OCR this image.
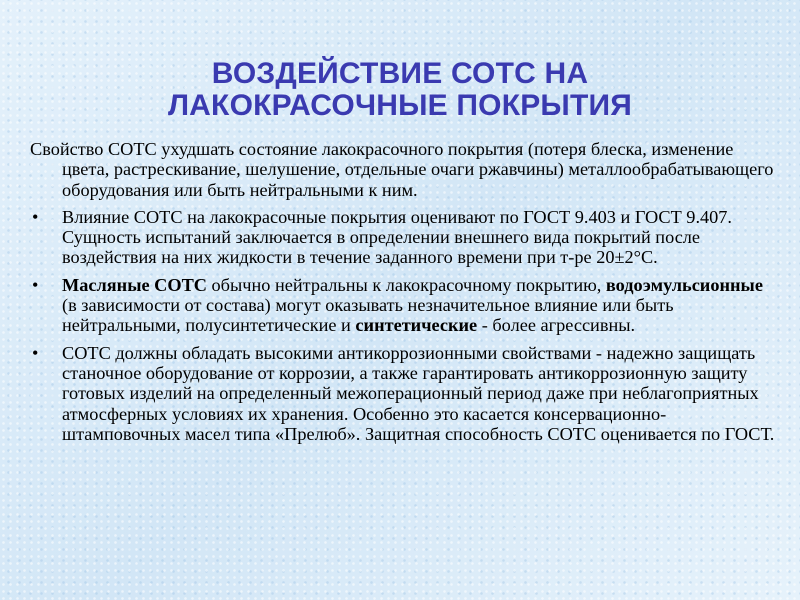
ВОЗДЕЙСТВИЕ СОТС НА
ЛАКОКРАСОЧНЫЕ ПОКРЫТИЯ

Свойство СОТС ухудшать состояние лакокрасочного покрытия (потеря блеска, изменение цвета, растрескивание, шелушение, отдельные очаги ржавчины) металлообрабатывающего оборудования или быть нейтральными к ним.

•	Влияние СОТС на лакокрасочные покрытия оценивают по ГОСТ 9.403 и ГОСТ 9.407. Сущность испытаний заключается в определении внешнего вида покрытий после воздействия на них жидкости в течение заданного времени при т-ре 20±2°С.

•	Масляные СОТС обычно нейтральны к лакокрасочному покрытию, водоэмульсионные (в зависимости от состава) могут оказывать незначительное влияние или быть нейтральными, полусинтетические и синтетические - более агрессивны.

•	СОТС должны обладать высокими антикоррозионными свойствами - надежно защищать станочное оборудование от коррозии, а также гарантировать антикоррозионную защиту готовых изделий на определенный межоперационный период даже при неблагоприятных атмосферных условиях их хранения. Особенно это касается консервационно-штамповочных масел типа «Прелюб». Защитная способность СОТС оценивается по ГОСТ.
